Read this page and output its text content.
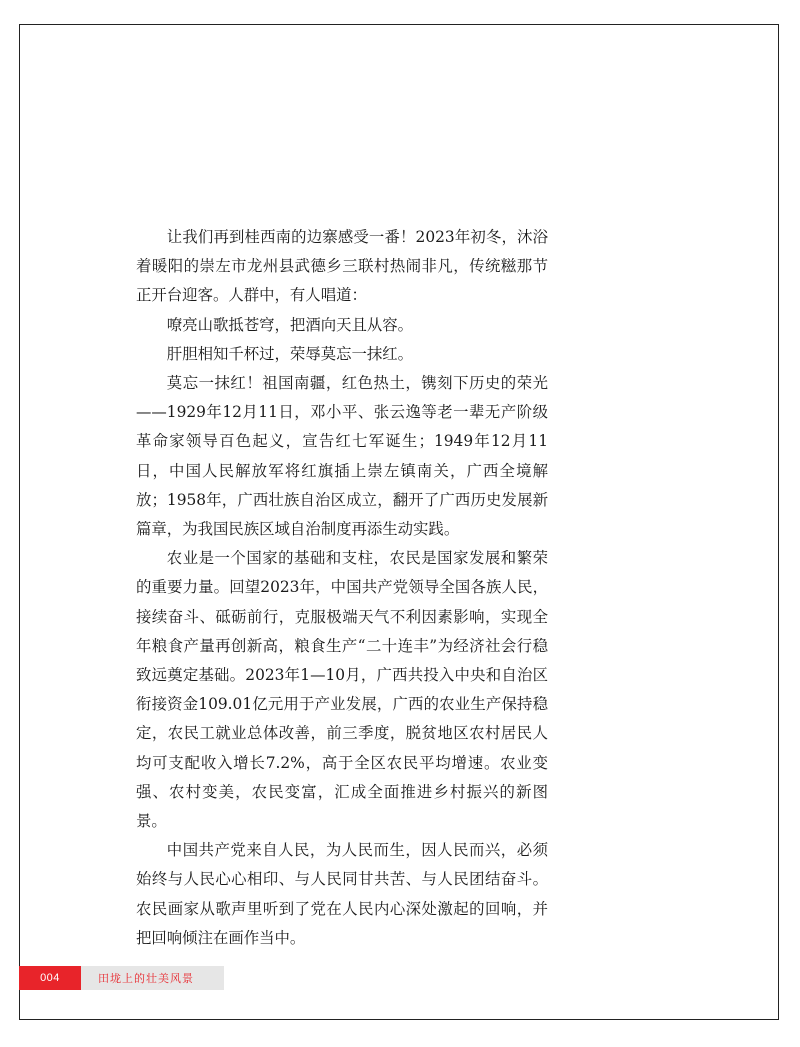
让我们再到桂西南的边寨感受一番！2023年初冬，沐浴着暖阳的崇左市龙州县武德乡三联村热闹非凡，传统糍那节正开台迎客。人群中，有人唱道：

嘹亮山歌抵苍穹，把酒向天且从容。

肝胆相知千杯过，荣辱莫忘一抹红。

莫忘一抹红！祖国南疆，红色热土，镌刻下历史的荣光——1929年12月11日，邓小平、张云逸等老一辈无产阶级革命家领导百色起义，宣告红七军诞生；1949年12月11日，中国人民解放军将红旗插上崇左镇南关，广西全境解放；1958年，广西壮族自治区成立，翻开了广西历史发展新篇章，为我国民族区域自治制度再添生动实践。

农业是一个国家的基础和支柱，农民是国家发展和繁荣的重要力量。回望2023年，中国共产党领导全国各族人民，接续奋斗、砥砺前行，克服极端天气不利因素影响，实现全年粮食产量再创新高，粮食生产“二十连丰”为经济社会行稳致远奠定基础。2023年1—10月，广西共投入中央和自治区衔接资金109.01亿元用于产业发展，广西的农业生产保持稳定，农民工就业总体改善，前三季度，脱贫地区农村居民人均可支配收入增长7.2%，高于全区农民平均增速。农业变强、农村变美，农民变富，汇成全面推进乡村振兴的新图景。

中国共产党来自人民，为人民而生，因人民而兴，必须始终与人民心心相印、与人民同甘共苦、与人民团结奋斗。农民画家从歌声里听到了党在人民内心深处激起的回响，并把回响倾注在画作当中。

004	田垅上的壮美风景
